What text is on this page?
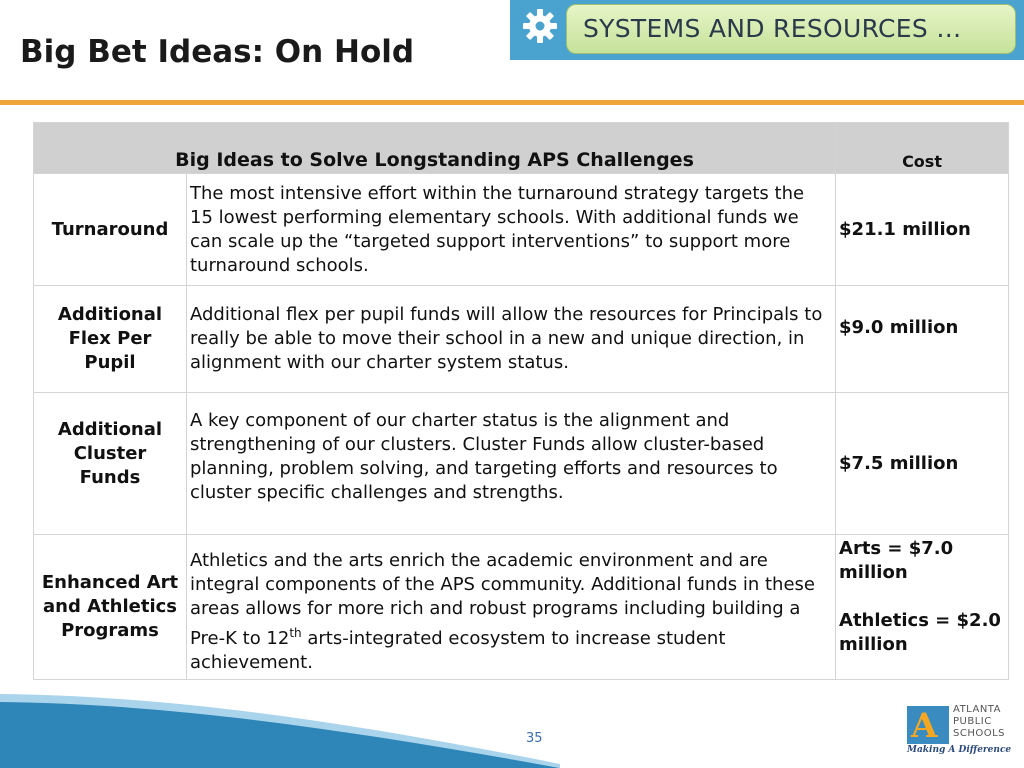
Big Bet Ideas: On Hold
SYSTEMS AND RESOURCES …
Big Ideas to Solve Longstanding APS Challenges		Cost
Turnaround	The most intensive effort within the turnaround strategy targets the 15 lowest performing elementary schools. With additional funds we can scale up the “targeted support interventions” to support more turnaround schools.	$21.1 million
Additional Flex Per Pupil	Additional flex per pupil funds will allow the resources for Principals to really be able to move their school in a new and unique direction, in alignment with our charter system status.	$9.0 million
Additional Cluster Funds	A key component of our charter status is the alignment and strengthening of our clusters. Cluster Funds allow cluster-based planning, problem solving, and targeting efforts and resources to cluster specific challenges and strengths.	$7.5 million
Enhanced Art and Athletics Programs	Athletics and the arts enrich the academic environment and are integral components of the APS community. Additional funds in these areas allows for more rich and robust programs including building a Pre-K to 12th arts-integrated ecosystem to increase student achievement.	Arts = $7.0 million
Athletics = $2.0 million
35	A ATLANTA
PUBLIC
SCHOOLS
Making A Difference
